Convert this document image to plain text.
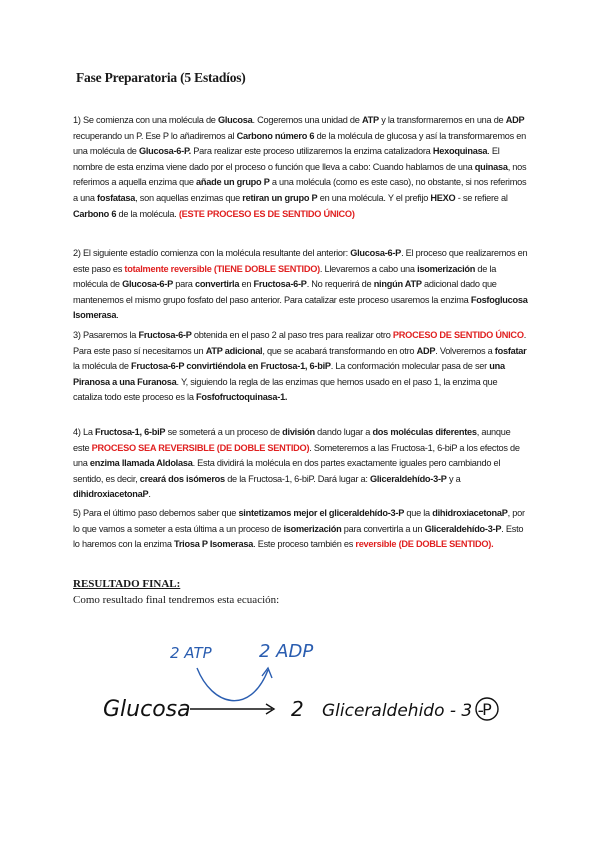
Fase Preparatoria (5 Estadíos)
1) Se comienza con una molécula de Glucosa. Cogeremos una unidad de ATP y la transformaremos en una de ADP recuperando un P. Ese P lo añadiremos al Carbono número 6 de la molécula de glucosa y así la transformaremos en una molécula de Glucosa-6-P. Para realizar este proceso utilizaremos la enzima catalizadora Hexoquinasa. El nombre de esta enzima viene dado por el proceso o función que lleva a cabo: Cuando hablamos de una quinasa, nos referimos a aquella enzima que añade un grupo P a una molécula (como es este caso), no obstante, si nos referimos a una fosfatasa, son aquellas enzimas que retiran un grupo P en una molécula. Y el prefijo HEXO - se refiere al Carbono 6 de la molécula. (ESTE PROCESO ES DE SENTIDO ÚNICO)
2) El siguiente estadío comienza con la molécula resultante del anterior: Glucosa-6-P. El proceso que realizaremos en este paso es totalmente reversible (TIENE DOBLE SENTIDO). Llevaremos a cabo una isomerización de la molécula de Glucosa-6-P para convertirla en Fructosa-6-P. No requerirá de ningún ATP adicional dado que mantenemos el mismo grupo fosfato del paso anterior. Para catalizar este proceso usaremos la enzima Fosfoglucosa Isomerasa.
3) Pasaremos la Fructosa-6-P obtenida en el paso 2 al paso tres para realizar otro PROCESO DE SENTIDO ÚNICO. Para este paso sí necesitamos un ATP adicional, que se acabará transformando en otro ADP. Volveremos a fosfatar la molécula de Fructosa-6-P convirtiéndola en Fructosa-1, 6-biP. La conformación molecular pasa de ser una Piranosa a una Furanosa. Y, siguiendo la regla de las enzimas que hemos usado en el paso 1, la enzima que cataliza todo este proceso es la Fosfofructoquinasa-1.
4) La Fructosa-1, 6-biP se someterá a un proceso de división dando lugar a dos moléculas diferentes, aunque este PROCESO SEA REVERSIBLE (DE DOBLE SENTIDO). Someteremos a las Fructosa-1, 6-biP a los efectos de una enzima llamada Aldolasa. Esta dividirá la molécula en dos partes exactamente iguales pero cambiando el sentido, es decir, creará dos isómeros de la Fructosa-1, 6-biP. Dará lugar a: Gliceraldehído-3-P y a dihidroxiacetonaP.
5) Para el último paso debemos saber que sintetizamos mejor el gliceraldehído-3-P que la dihidroxiacetonaP, por lo que vamos a someter a esta última a un proceso de isomerización para convertirla a un Gliceraldehído-3-P. Esto lo haremos con la enzima Triosa P Isomerasa. Este proceso también es reversible (DE DOBLE SENTIDO).
RESULTADO FINAL:
Como resultado final tendremos esta ecuación:
2 ATP	2 ADP
Glucosa	2 Gliceraldehido - 3 -
P
